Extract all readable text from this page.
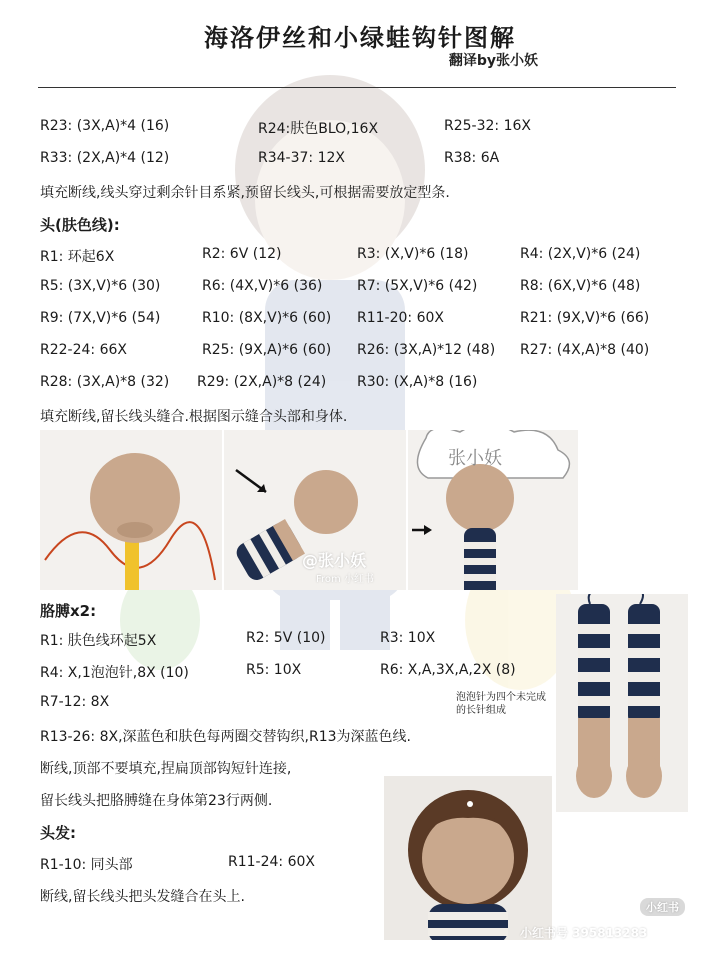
海洛伊丝和小绿蛙钩针图解
翻译by张小妖
R23: (3X,A)*4 (16)	R24:肤色BLO,16X	R25-32: 16X
R33: (2X,A)*4 (12)	R34-37: 12X	R38: 6A
填充断线,线头穿过剩余针目系紧,预留长线头,可根据需要放定型条.
头(肤色线):
R1: 环起6X	R2: 6V (12)	R3: (X,V)*6 (18)	R4: (2X,V)*6 (24)
R5: (3X,V)*6 (30)	R6: (4X,V)*6 (36) R7: (5X,V)*6 (42)	R8: (6X,V)*6 (48)
R9: (7X,V)*6 (54)	R10: (8X,V)*6 (60) R11-20: 60X	R21: (9X,V)*6 (66)
R22-24: 66X	R25: (9X,A)*6 (60) R26: (3X,A)*12 (48) R27: (4X,A)*8 (40)
R28: (3X,A)*8 (32) R29: (2X,A)*8 (24) R30: (X,A)*8 (16)
填充断线,留长线头缝合.根据图示缝合头部和身体.
@张小妖
From 小红书
张小妖
胳膊x2:
R1: 肤色线环起5X	R2: 5V (10)	R3: 10X
R4: X,1泡泡针,8X (10)	R5: 10X	R6: X,A,3X,A,2X (8)
R7-12: 8X
R13-26: 8X,深蓝色和肤色每两圈交替钩织,R13为深蓝色线.
断线,顶部不要填充,捏扁顶部钩短针连接,
留长线头把胳膊缝在身体第23行两侧.
泡泡针为四个未完成
的长针组成
头发:
R1-10: 同头部	R11-24: 60X
断线,留长线头把头发缝合在头上.
小红书号 395813283
小红书
